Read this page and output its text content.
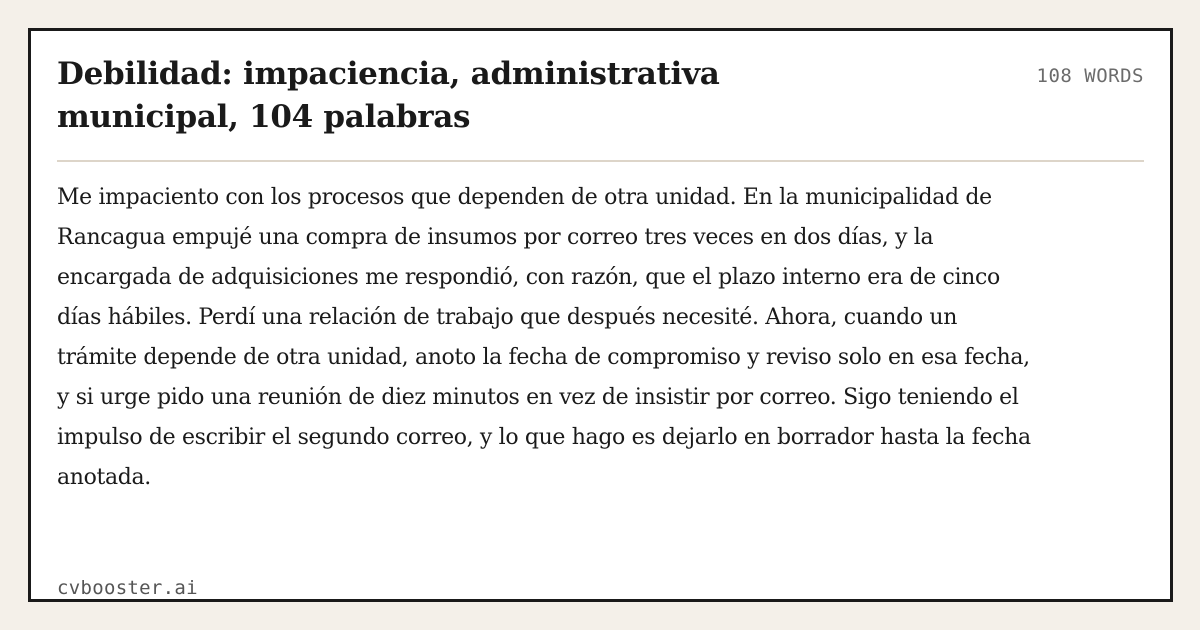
Debilidad: impaciencia, administrativa municipal, 104 palabras
108 WORDS

Me impaciento con los procesos que dependen de otra unidad. En la municipalidad de Rancagua empujé una compra de insumos por correo tres veces en dos días, y la encargada de adquisiciones me respondió, con razón, que el plazo interno era de cinco días hábiles. Perdí una relación de trabajo que después necesité. Ahora, cuando un trámite depende de otra unidad, anoto la fecha de compromiso y reviso solo en esa fecha, y si urge pido una reunión de diez minutos en vez de insistir por correo. Sigo teniendo el impulso de escribir el segundo correo, y lo que hago es dejarlo en borrador hasta la fecha anotada.

cvbooster.ai
